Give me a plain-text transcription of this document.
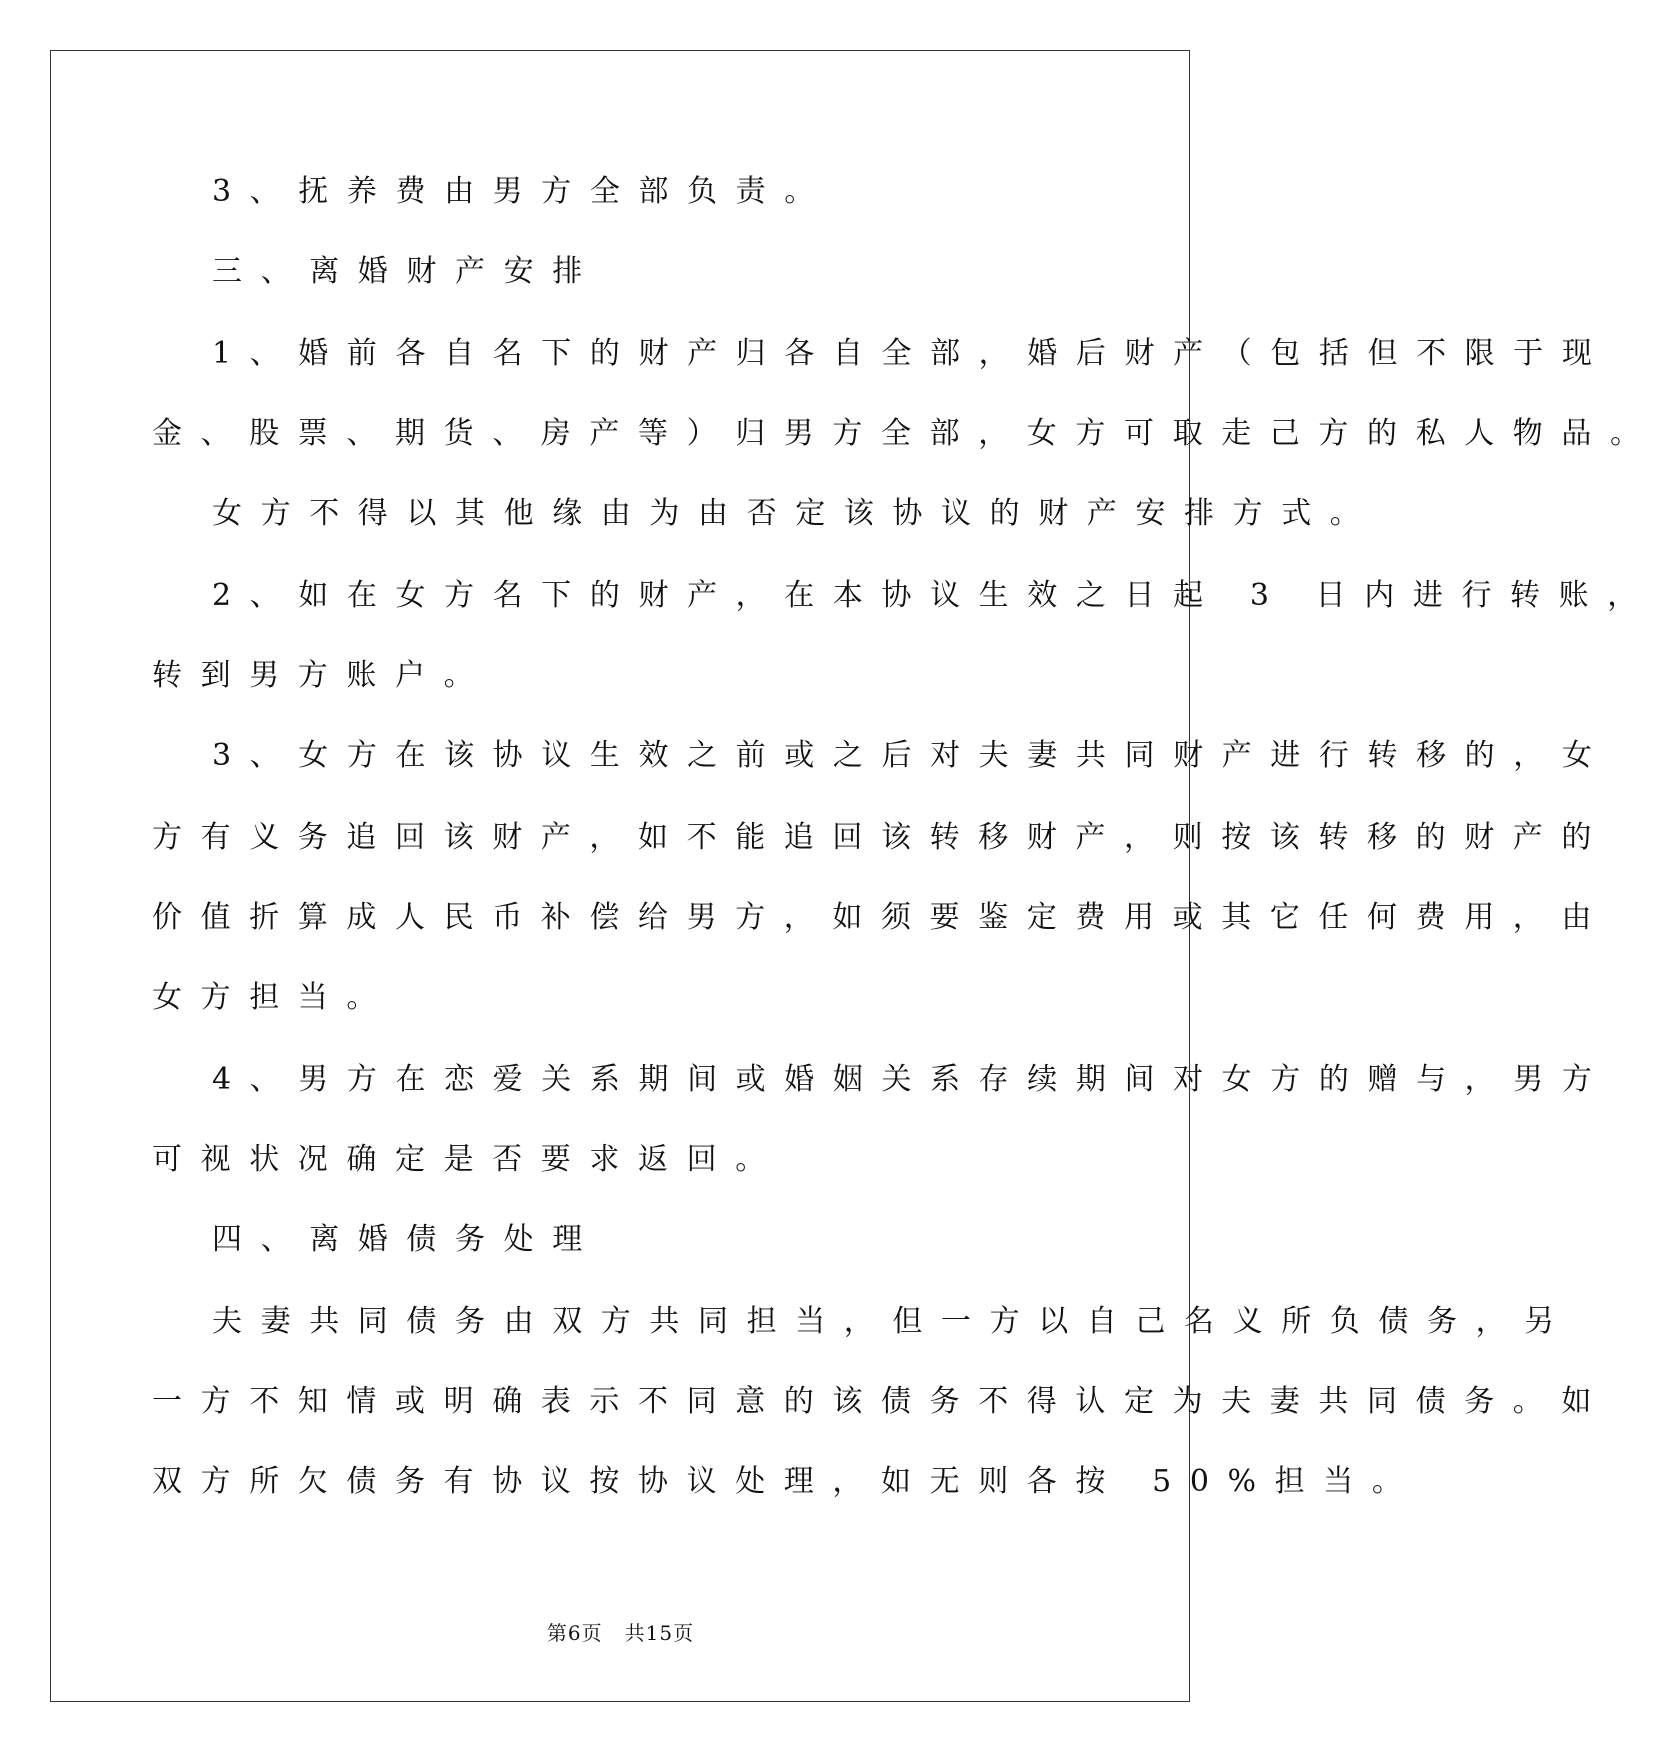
3、抚养费由男方全部负责。
三、离婚财产安排
1、婚前各自名下的财产归各自全部，婚后财产（包括但不限于现
金、股票、期货、房产等）归男方全部，女方可取走己方的私人物品。
女方不得以其他缘由为由否定该协议的财产安排方式。
2、如在女方名下的财产，在本协议生效之日起 3 日内进行转账，
转到男方账户。
3、女方在该协议生效之前或之后对夫妻共同财产进行转移的，女
方有义务追回该财产，如不能追回该转移财产，则按该转移的财产的
价值折算成人民币补偿给男方，如须要鉴定费用或其它任何费用，由
女方担当。
4、男方在恋爱关系期间或婚姻关系存续期间对女方的赠与，男方
可视状况确定是否要求返回。
四、离婚债务处理
夫妻共同债务由双方共同担当，但一方以自己名义所负债务，另
一方不知情或明确表示不同意的该债务不得认定为夫妻共同债务。如
双方所欠债务有协议按协议处理，如无则各按 50%担当。
第6页 共15页
